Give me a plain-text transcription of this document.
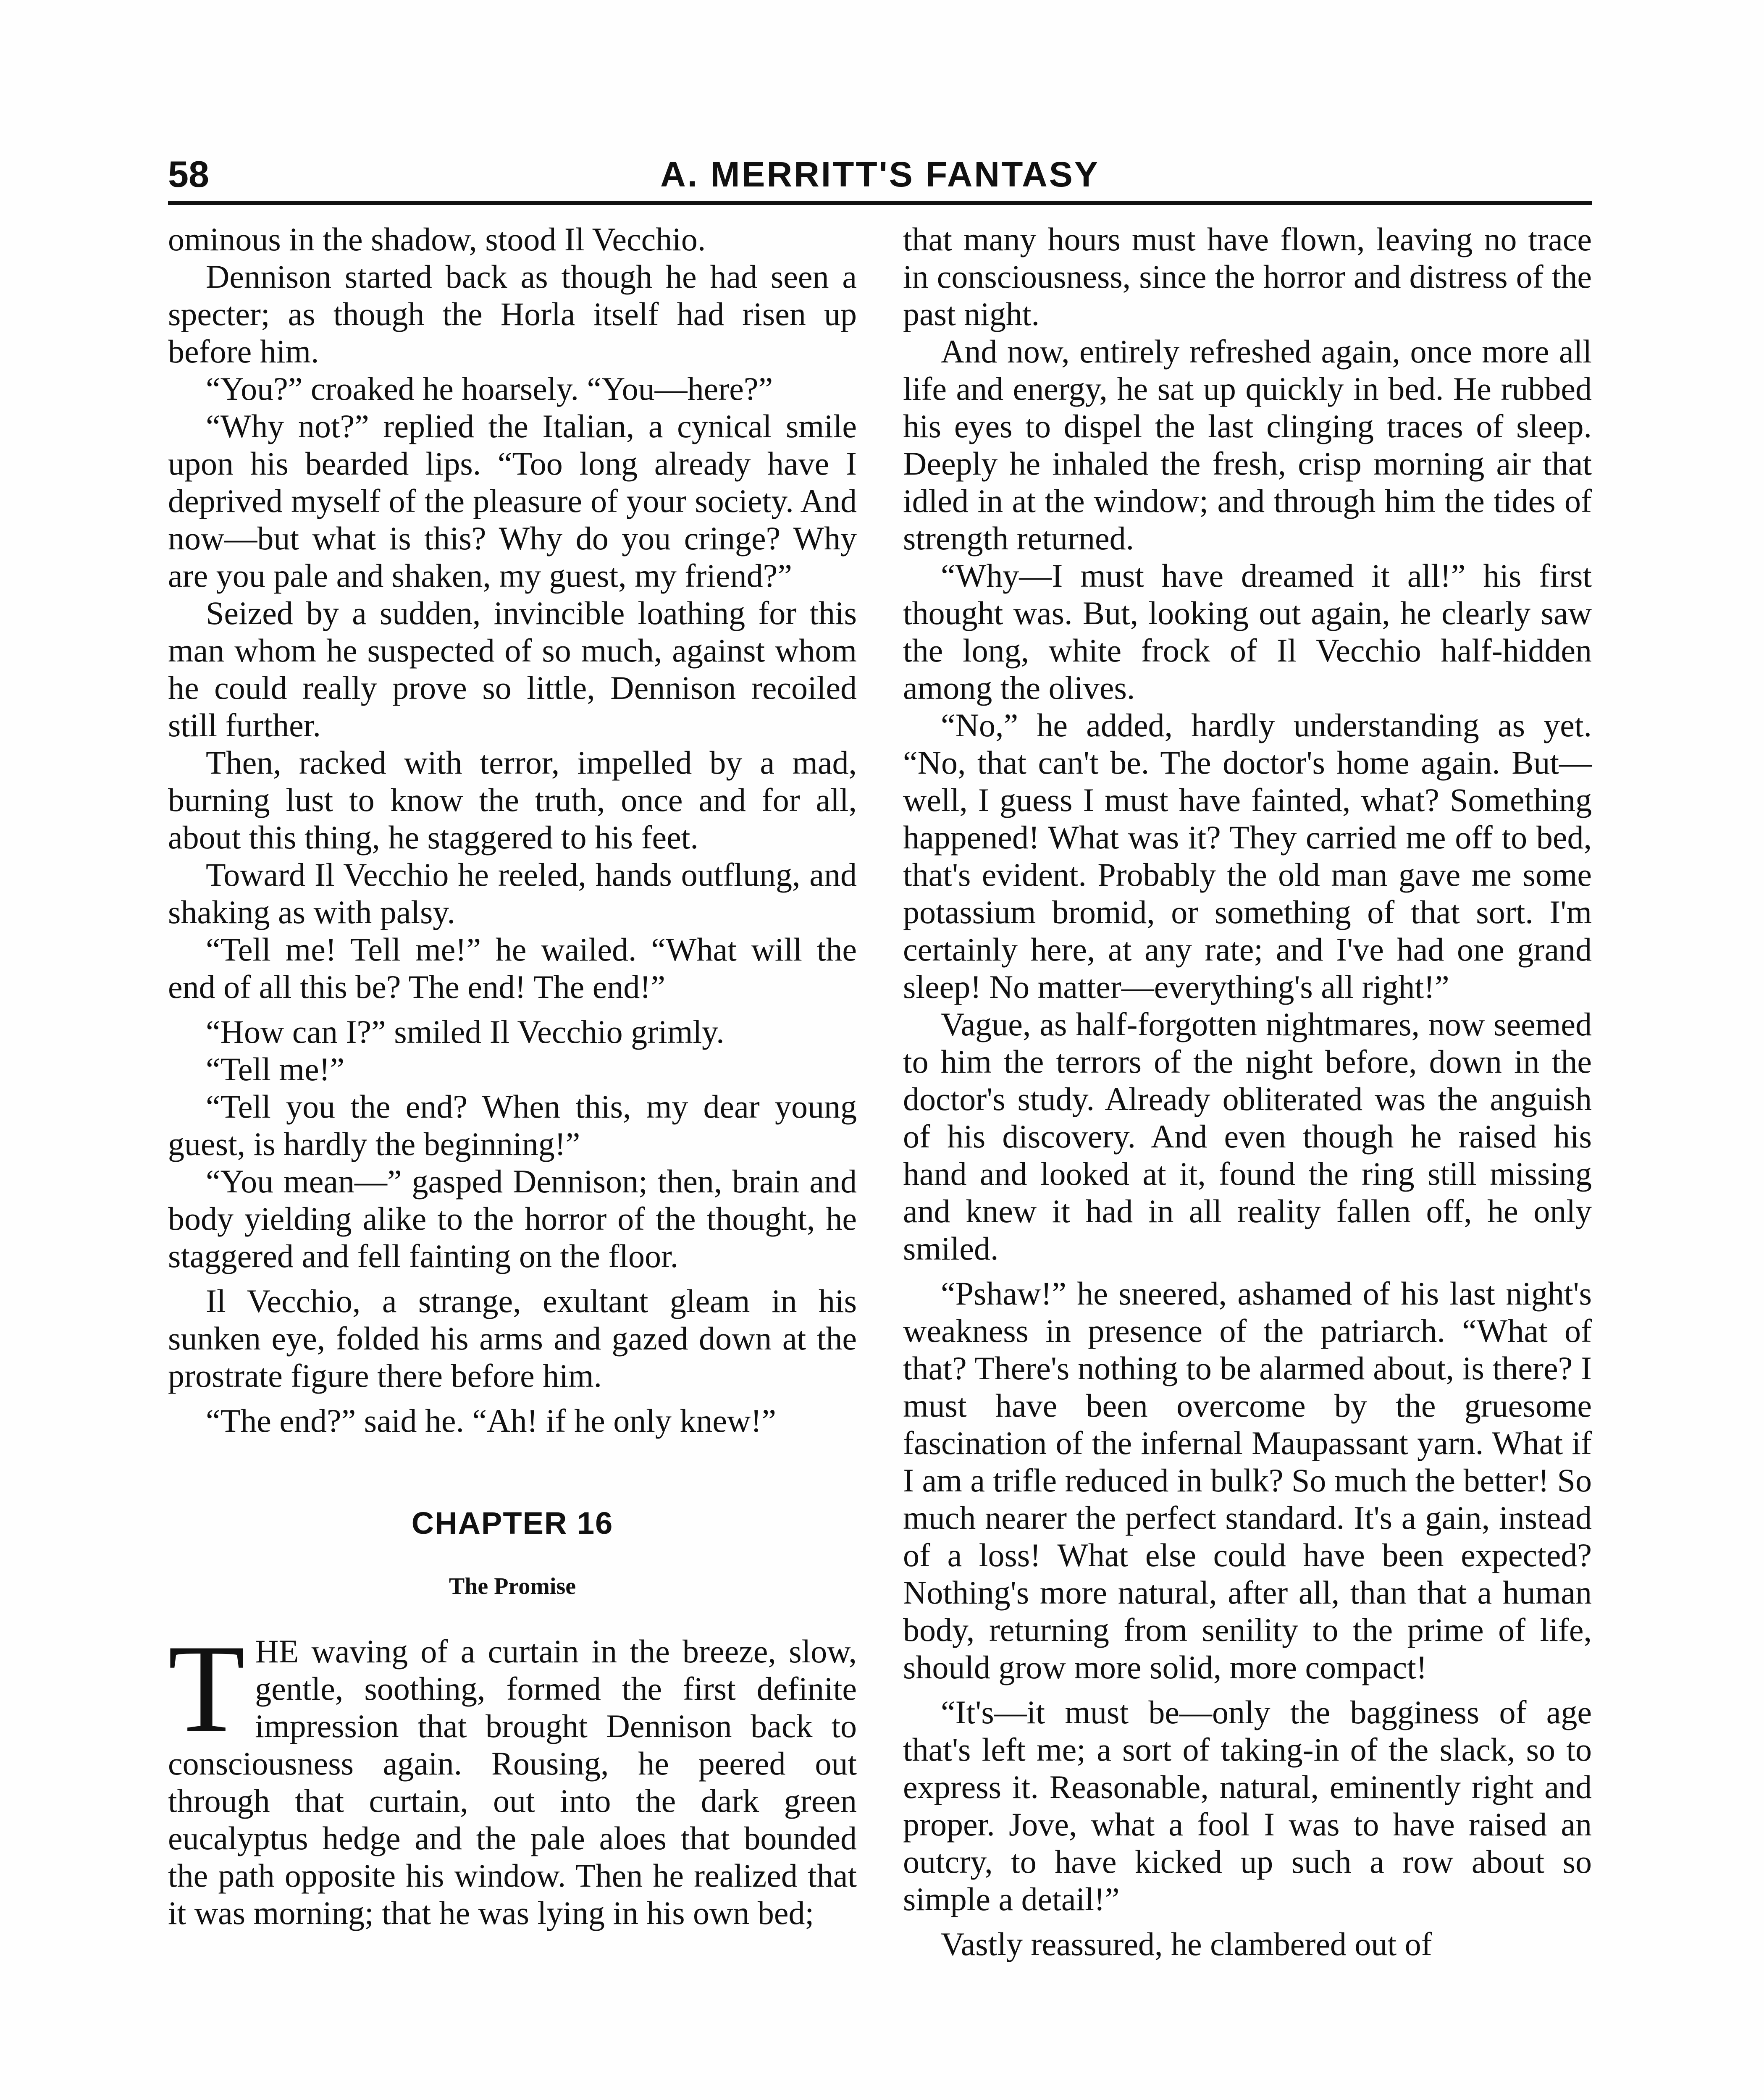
58	A. MERRITT'S FANTASY

ominous in the shadow, stood Il Vecchio.

Dennison started back as though he had seen a specter; as though the Horla itself had risen up before him.

“You?” croaked he hoarsely. “You—here?”

“Why not?” replied the Italian, a cynical smile upon his bearded lips. “Too long already have I deprived myself of the pleasure of your society. And now—but what is this? Why do you cringe? Why are you pale and shaken, my guest, my friend?”

Seized by a sudden, invincible loathing for this man whom he suspected of so much, against whom he could really prove so little, Dennison recoiled still further.

Then, racked with terror, impelled by a mad, burning lust to know the truth, once and for all, about this thing, he staggered to his feet.

Toward Il Vecchio he reeled, hands outflung, and shaking as with palsy.

“Tell me! Tell me!” he wailed. “What will the end of all this be? The end! The end!”

“How can I?” smiled Il Vecchio grimly.

“Tell me!”

“Tell you the end? When this, my dear young guest, is hardly the beginning!”

“You mean—” gasped Dennison; then, brain and body yielding alike to the horror of the thought, he staggered and fell fainting on the floor.

Il Vecchio, a strange, exultant gleam in his sunken eye, folded his arms and gazed down at the prostrate figure there before him.

“The end?” said he. “Ah! if he only knew!”

CHAPTER 16
The Promise

THE waving of a curtain in the breeze, slow, gentle, soothing, formed the first definite impression that brought Dennison back to consciousness again. Rousing, he peered out through that curtain, out into the dark green eucalyptus hedge and the pale aloes that bounded the path opposite his window. Then he realized that it was morning; that he was lying in his own bed;

that many hours must have flown, leaving no trace in consciousness, since the horror and distress of the past night.

And now, entirely refreshed again, once more all life and energy, he sat up quickly in bed. He rubbed his eyes to dispel the last clinging traces of sleep. Deeply he inhaled the fresh, crisp morning air that idled in at the window; and through him the tides of strength returned.

“Why—I must have dreamed it all!” his first thought was. But, looking out again, he clearly saw the long, white frock of Il Vecchio half-hidden among the olives.

“No,” he added, hardly understanding as yet. “No, that can't be. The doctor's home again. But—well, I guess I must have fainted, what? Something happened! What was it? They carried me off to bed, that's evident. Probably the old man gave me some potassium bromid, or something of that sort. I'm certainly here, at any rate; and I've had one grand sleep! No matter—everything's all right!”

Vague, as half-forgotten nightmares, now seemed to him the terrors of the night before, down in the doctor's study. Already obliterated was the anguish of his discovery. And even though he raised his hand and looked at it, found the ring still missing and knew it had in all reality fallen off, he only smiled.

“Pshaw!” he sneered, ashamed of his last night's weakness in presence of the patriarch. “What of that? There's nothing to be alarmed about, is there? I must have been overcome by the gruesome fascination of the infernal Maupassant yarn. What if I am a trifle reduced in bulk? So much the better! So much nearer the perfect standard. It's a gain, instead of a loss! What else could have been expected? Nothing's more natural, after all, than that a human body, returning from senility to the prime of life, should grow more solid, more compact!

“It's—it must be—only the bagginess of age that's left me; a sort of taking-in of the slack, so to express it. Reasonable, natural, eminently right and proper. Jove, what a fool I was to have raised an outcry, to have kicked up such a row about so simple a detail!”

Vastly reassured, he clambered out of
